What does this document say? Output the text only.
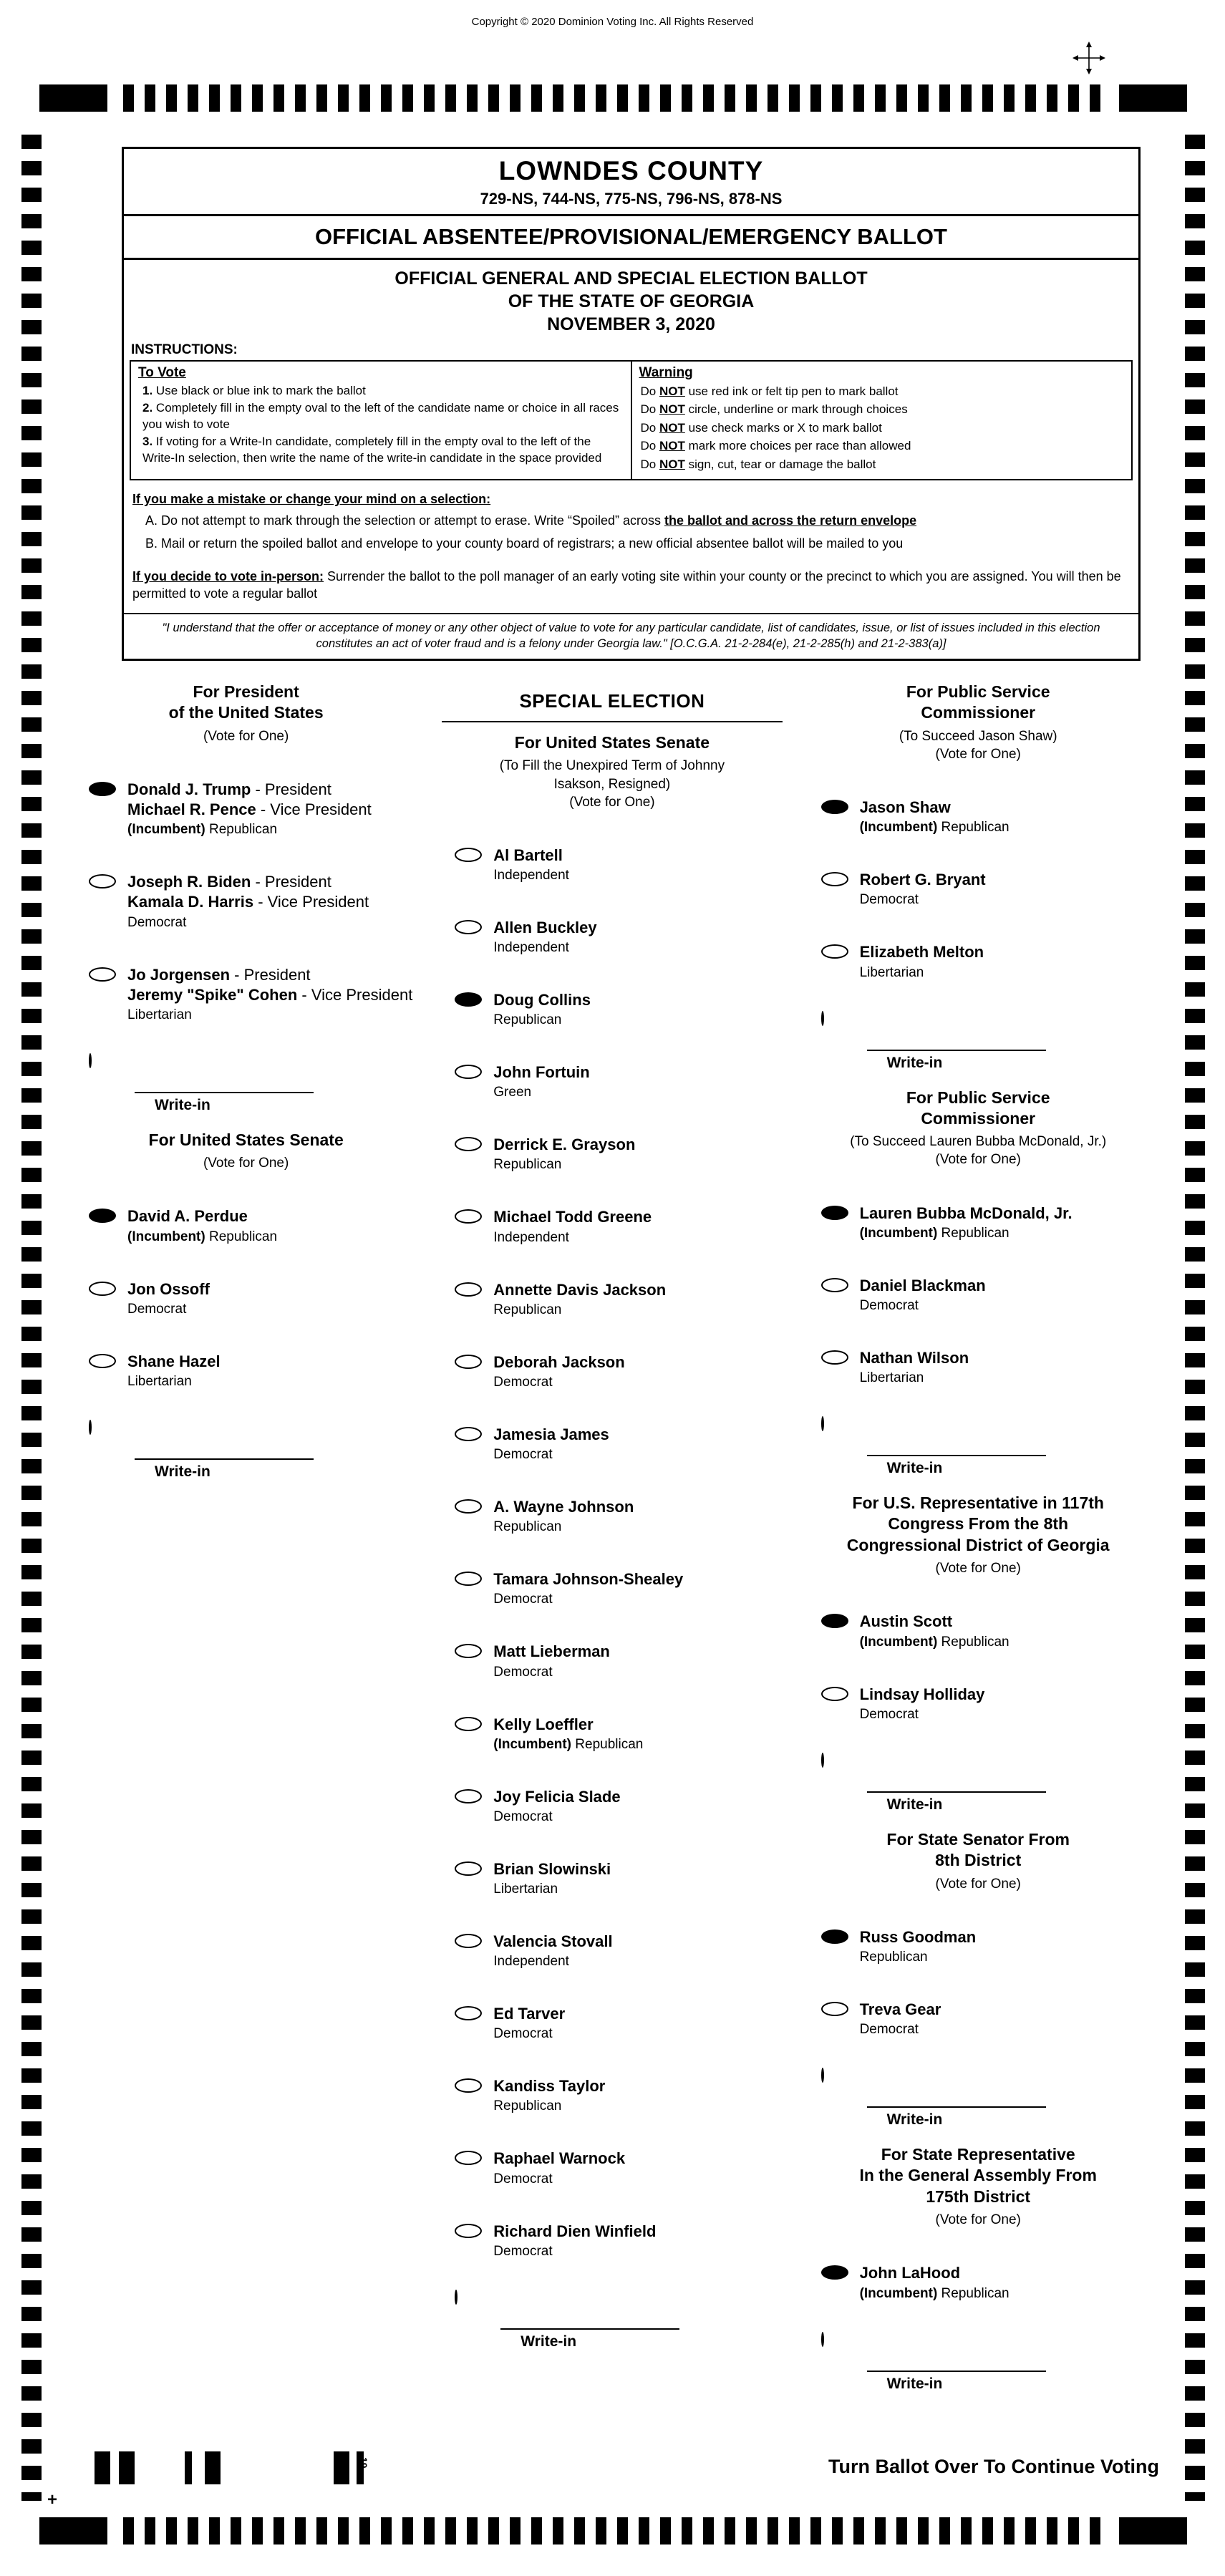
Copyright © 2020 Dominion Voting Inc. All Rights Reserved
LOWNDES COUNTY
729-NS, 744-NS, 775-NS, 796-NS, 878-NS
OFFICIAL ABSENTEE/PROVISIONAL/EMERGENCY BALLOT
OFFICIAL GENERAL AND SPECIAL ELECTION BALLOT
OF THE STATE OF GEORGIA
NOVEMBER 3, 2020
INSTRUCTIONS:
To Vote
1. Use black or blue ink to mark the ballot
2. Completely fill in the empty oval to the left of the candidate name or choice in all races you wish to vote
3. If voting for a Write-In candidate, completely fill in the empty oval to the left of the Write-In selection, then write the name of the write-in candidate in the space provided
Warning
Do NOT use red ink or felt tip pen to mark ballot
Do NOT circle, underline or mark through choices
Do NOT use check marks or X to mark ballot
Do NOT mark more choices per race than allowed
Do NOT sign, cut, tear or damage the ballot
If you make a mistake or change your mind on a selection:
A. Do not attempt to mark through the selection or attempt to erase. Write “Spoiled” across the ballot and across the return envelope
B. Mail or return the spoiled ballot and envelope to your county board of registrars; a new official absentee ballot will be mailed to you
If you decide to vote in-person: Surrender the ballot to the poll manager of an early voting site within your county or the precinct to which you are assigned. You will then be permitted to vote a regular ballot
"I understand that the offer or acceptance of money or any other object of value to vote for any particular candidate, list of candidates, issue, or list of issues included in this election constitutes an act of voter fraud and is a felony under Georgia law." [O.C.G.A. 21-2-284(e), 21-2-285(h) and 21-2-383(a)]
For President
of the United States
(Vote for One)
Donald J. Trump - President
Michael R. Pence - Vice President
(Incumbent) Republican
Joseph R. Biden - President
Kamala D. Harris - Vice President
Democrat
Jo Jorgensen - President
Jeremy "Spike" Cohen - Vice President
Libertarian
Write-in
For United States Senate
(Vote for One)
David A. Perdue
(Incumbent) Republican
Jon Ossoff
Democrat
Shane Hazel
Libertarian
Write-in
SPECIAL ELECTION
For United States Senate
(To Fill the Unexpired Term of Johnny
Isakson, Resigned)
(Vote for One)
Al Bartell
Independent
Allen Buckley
Independent
Doug Collins
Republican
John Fortuin
Green
Derrick E. Grayson
Republican
Michael Todd Greene
Independent
Annette Davis Jackson
Republican
Deborah Jackson
Democrat
Jamesia James
Democrat
A. Wayne Johnson
Republican
Tamara Johnson-Shealey
Democrat
Matt Lieberman
Democrat
Kelly Loeffler
(Incumbent) Republican
Joy Felicia Slade
Democrat
Brian Slowinski
Libertarian
Valencia Stovall
Independent
Ed Tarver
Democrat
Kandiss Taylor
Republican
Raphael Warnock
Democrat
Richard Dien Winfield
Democrat
Write-in
For Public Service
Commissioner
(To Succeed Jason Shaw)
(Vote for One)
Jason Shaw
(Incumbent) Republican
Robert G. Bryant
Democrat
Elizabeth Melton
Libertarian
Write-in
For Public Service
Commissioner
(To Succeed Lauren Bubba McDonald, Jr.)
(Vote for One)
Lauren Bubba McDonald, Jr.
(Incumbent) Republican
Daniel Blackman
Democrat
Nathan Wilson
Libertarian
Write-in
For U.S. Representative in 117th
Congress From the 8th
Congressional District of Georgia
(Vote for One)
Austin Scott
(Incumbent) Republican
Lindsay Holliday
Democrat
Write-in
For State Senator From
8th District
(Vote for One)
Russ Goodman
Republican
Treva Gear
Democrat
Write-in
For State Representative
In the General Assembly From
175th District
(Vote for One)
John LaHood
(Incumbent) Republican
Write-in
Turn Ballot Over To Continue Voting
19
+
